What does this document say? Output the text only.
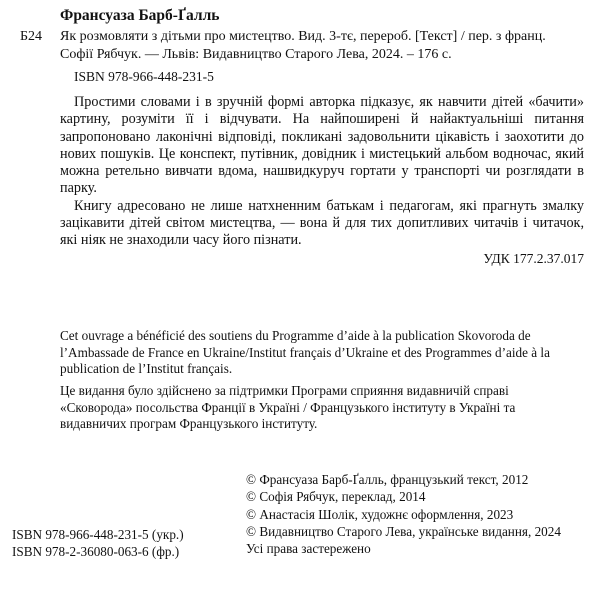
Франсуаза Барб-Ґалль
Б24 Як розмовляти з дітьми про мистецтво. Вид. 3-тє, перероб. [Текст] / пер. з франц.
Софії Рябчук. — Львів: Видавництво Старого Лева, 2024. – 176 с.
ISBN 978-966-448-231-5

Простими словами і в зручній формі авторка підказує, як навчити дітей «бачити» картину, розуміти її і відчувати. На найпоширені й найактуальніші питання запропоновано лаконічні відповіді, покликані задовольнити цікавість і заохотити до нових пошуків. Це конспект, путівник, довідник і мистецький альбом водночас, який можна ретельно вивчати вдома, нашвидкуруч гортати у транспорті чи розглядати в парку.

Книгу адресовано не лише натхненним батькам і педагогам, які прагнуть змалку зацікавити дітей світом мистецтва, — вона й для тих допитливих читачів і читачок, які ніяк не знаходили часу його пізнати.

УДК 177.2.37.017
Cet ouvrage a bénéficié des soutiens du Programme d’aide à la publication Skovoroda de l’Ambassade de France en Ukraine/Institut français d’Ukraine et des Programmes d’aide à la publication de l’Institut français.
Це видання було здійснено за підтримки Програми сприяння видавничій справі «Сковорода» посольства Франції в Україні / Французького інституту в Україні та видавничих програм Французького інституту.
© Франсуаза Барб-Ґалль, французький текст, 2012
© Софія Рябчук, переклад, 2014
© Анастасія Шолік, художнє оформлення, 2023
© Видавництво Старого Лева, українське видання, 2024
Усі права застережено
ISBN 978-966-448-231-5 (укр.)
ISBN 978-2-36080-063-6 (фр.)
